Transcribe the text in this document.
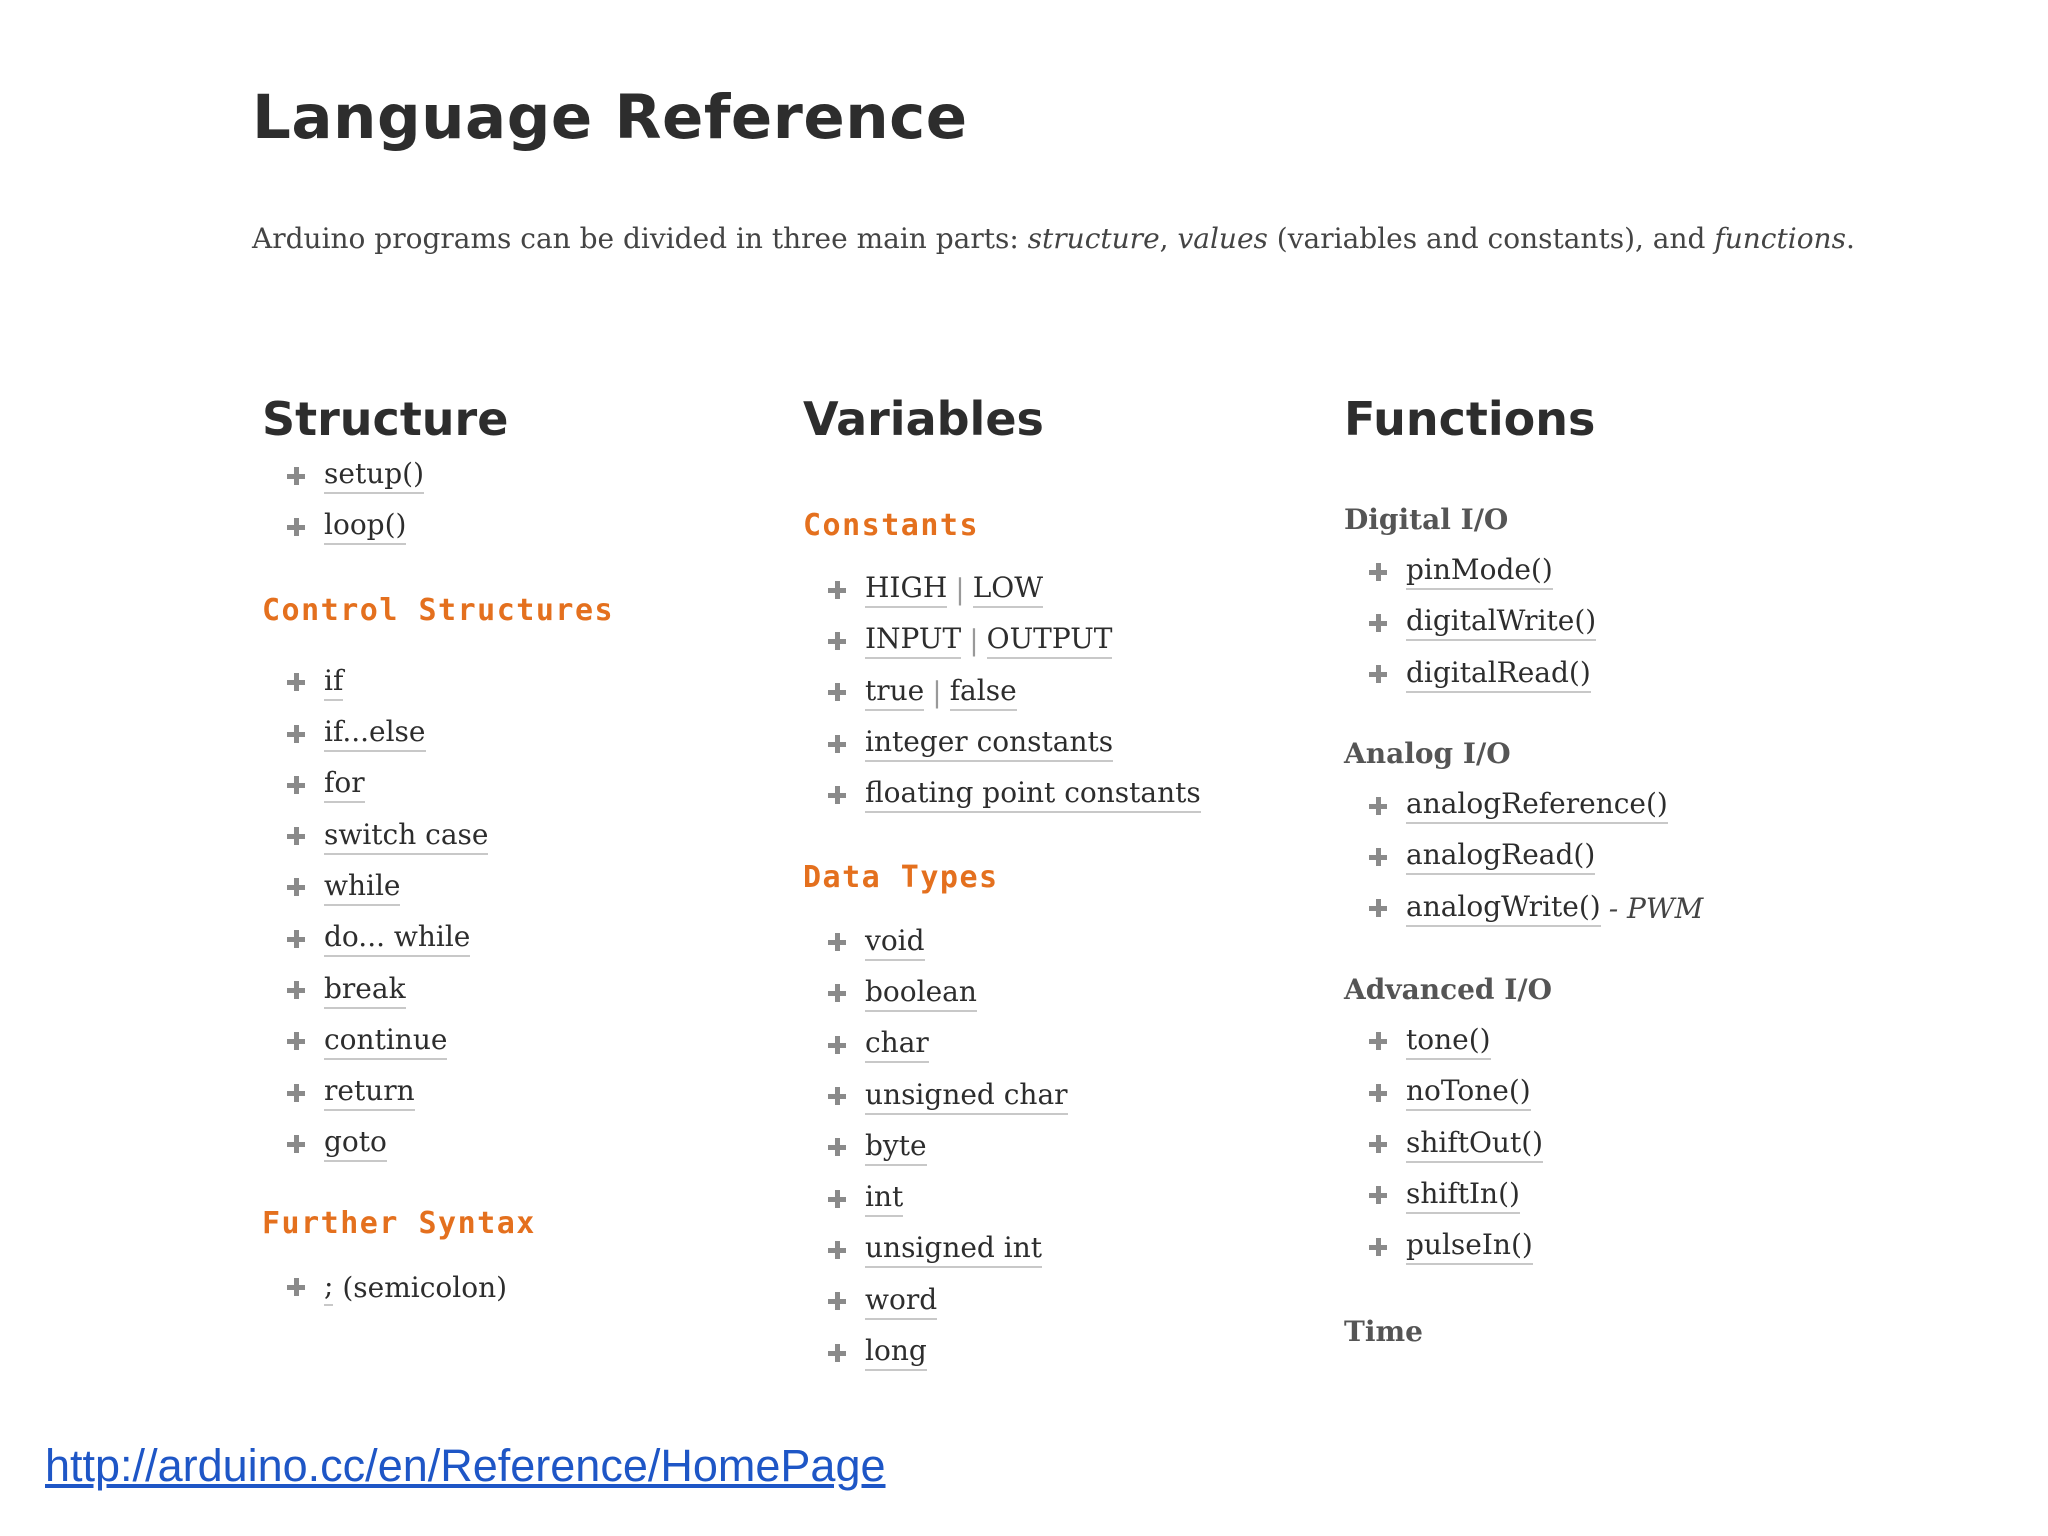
Language Reference

Arduino programs can be divided in three main parts: structure, values (variables and constants), and functions.

Structure
setup()
loop()
Control Structures
if
if...else
for
switch case
while
do... while
break
continue
return
goto
Further Syntax
;
(semicolon)
Variables
Constants
HIGH | LOW
INPUT | OUTPUT
true | false
integer constants
floating point constants
Data Types
void
boolean
char
unsigned char
byte
int
unsigned int
word
long
Functions
Digital I/O
pinMode()
digitalWrite()
digitalRead()
Analog I/O
analogReference()
analogRead()
analogWrite() - PWM
Advanced I/O
tone()
noTone()
shiftOut()
shiftIn()
pulseIn()
Time
http://arduino.cc/en/Reference/HomePage
